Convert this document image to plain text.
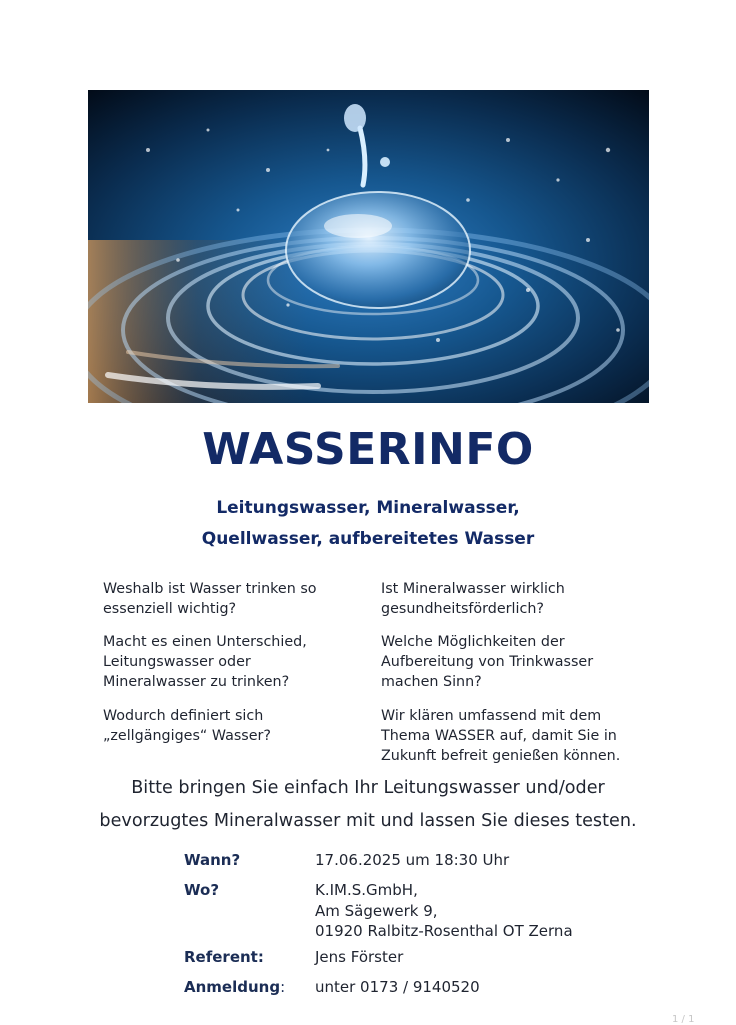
WASSERINFO
Leitungswasser, Mineralwasser,
Quellwasser, aufbereitetes Wasser
Weshalb ist Wasser trinken so
essenziell wichtig?
Macht es einen Unterschied,
Leitungswasser oder
Mineralwasser zu trinken?
Wodurch definiert sich
„zellgängiges“ Wasser?
Ist Mineralwasser wirklich
gesundheitsförderlich?
Welche Möglichkeiten der
Aufbereitung von Trinkwasser
machen Sinn?
Wir klären umfassend mit dem
Thema WASSER auf, damit Sie in
Zukunft befreit genießen können.
Bitte bringen Sie einfach Ihr Leitungswasser und/oder
bevorzugtes Mineralwasser mit und lassen Sie dieses testen.
Wann?	17.06.2025 um 18:30 Uhr
Wo?	K.IM.S.GmbH,
Am Sägewerk 9,
01920 Ralbitz-Rosenthal OT Zerna
Referent:	Jens Förster
Anmeldung: unter 0173 / 9140520
1 / 1
